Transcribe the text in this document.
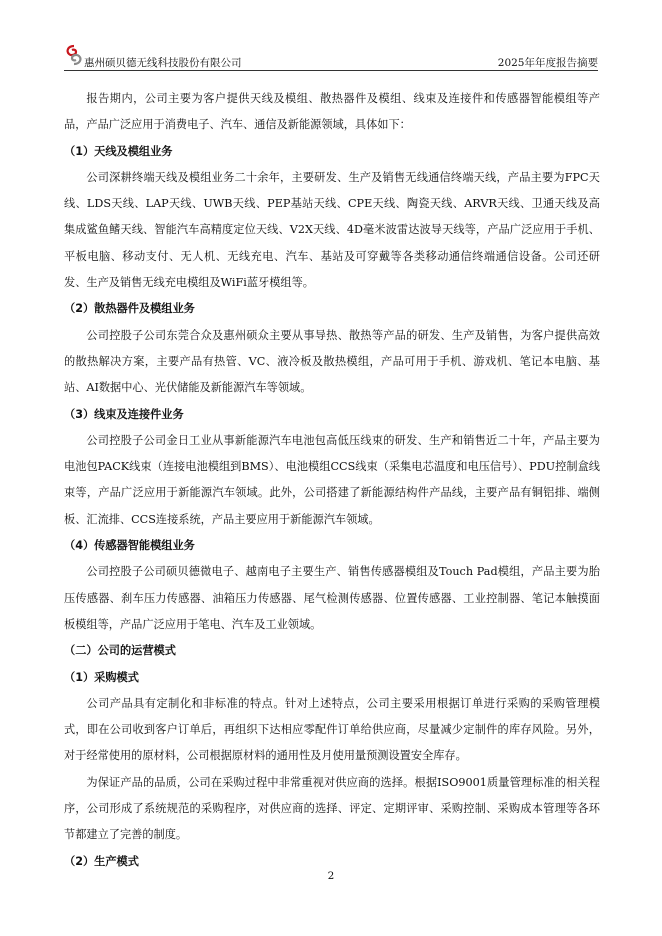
惠州硕贝德无线科技股份有限公司	2025年年度报告摘要

报告期内，公司主要为客户提供天线及模组、散热器件及模组、线束及连接件和传感器智能模组等产品，产品广泛应用于消费电子、汽车、通信及新能源领域，具体如下：

（1）天线及模组业务

公司深耕终端天线及模组业务二十余年，主要研发、生产及销售无线通信终端天线，产品主要为FPC天线、LDS天线、LAP天线、UWB天线、PEP基站天线、CPE天线、陶瓷天线、ARVR天线、卫通天线及高集成鲨鱼鳍天线、智能汽车高精度定位天线、V2X天线、4D毫米波雷达波导天线等，产品广泛应用于手机、平板电脑、移动支付、无人机、无线充电、汽车、基站及可穿戴等各类移动通信终端通信设备。公司还研发、生产及销售无线充电模组及WiFi蓝牙模组等。

（2）散热器件及模组业务

公司控股子公司东莞合众及惠州硕众主要从事导热、散热等产品的研发、生产及销售，为客户提供高效的散热解决方案，主要产品有热管、VC、液冷板及散热模组，产品可用于手机、游戏机、笔记本电脑、基站、AI数据中心、光伏储能及新能源汽车等领域。

（3）线束及连接件业务

公司控股子公司金日工业从事新能源汽车电池包高低压线束的研发、生产和销售近二十年，产品主要为电池包PACK线束（连接电池模组到BMS）、电池模组CCS线束（采集电芯温度和电压信号）、PDU控制盒线束等，产品广泛应用于新能源汽车领域。此外，公司搭建了新能源结构件产品线，主要产品有铜铝排、端侧板、汇流排、CCS连接系统，产品主要应用于新能源汽车领域。

（4）传感器智能模组业务

公司控股子公司硕贝德微电子、越南电子主要生产、销售传感器模组及Touch Pad模组，产品主要为胎压传感器、刹车压力传感器、油箱压力传感器、尾气检测传感器、位置传感器、工业控制器、笔记本触摸面板模组等，产品广泛应用于笔电、汽车及工业领域。

（二）公司的运营模式
（1）采购模式

公司产品具有定制化和非标准的特点。针对上述特点，公司主要采用根据订单进行采购的采购管理模式，即在公司收到客户订单后，再组织下达相应零配件订单给供应商，尽量减少定制件的库存风险。另外，对于经常使用的原材料，公司根据原材料的通用性及月使用量预测设置安全库存。

为保证产品的品质，公司在采购过程中非常重视对供应商的选择。根据ISO9001质量管理标准的相关程序，公司形成了系统规范的采购程序，对供应商的选择、评定、定期评审、采购控制、采购成本管理等各环节都建立了完善的制度。

（2）生产模式
2
